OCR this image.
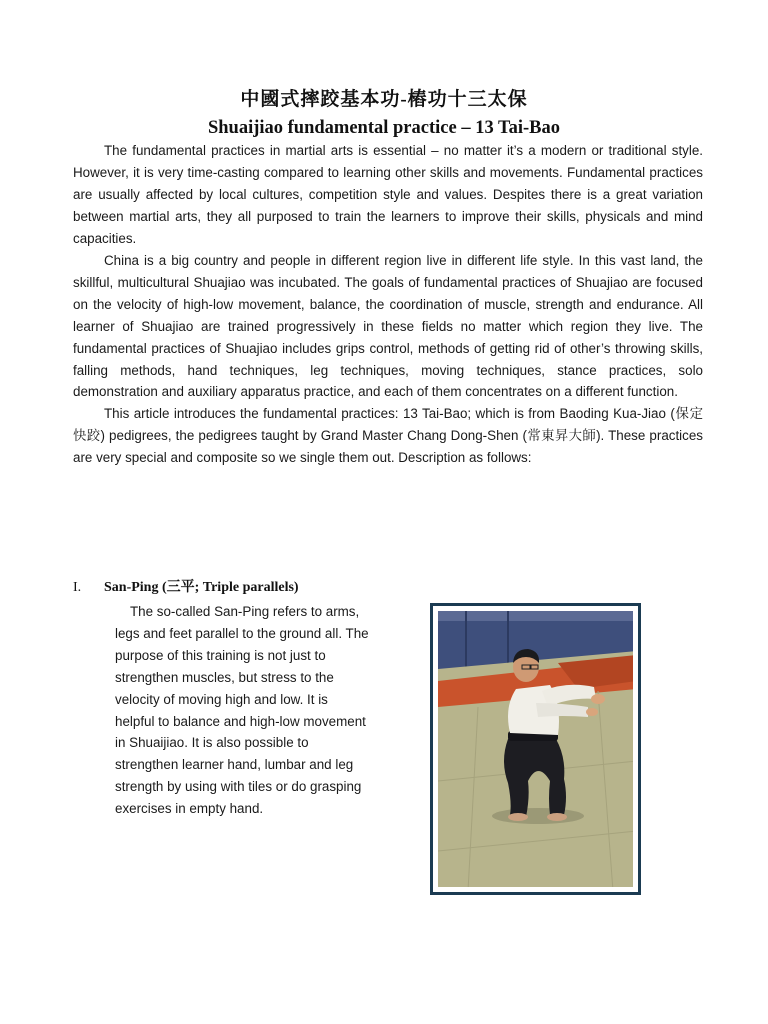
中國式摔跤基本功-樁功十三太保
Shuaijiao fundamental practice – 13 Tai-Bao

The fundamental practices in martial arts is essential – no matter it’s a modern or traditional style. However, it is very time-casting compared to learning other skills and movements. Fundamental practices are usually affected by local cultures, competition style and values. Despites there is a great variation between martial arts, they all purposed to train the learners to improve their skills, physicals and mind capacities.

China is a big country and people in different region live in different life style. In this vast land, the skillful, multicultural Shuajiao was incubated. The goals of fundamental practices of Shuajiao are focused on the velocity of high-low movement, balance, the coordination of muscle, strength and endurance. All learner of Shuajiao are trained progressively in these fields no matter which region they live. The fundamental practices of Shuajiao includes grips control, methods of getting rid of other’s throwing skills, falling methods, hand techniques, leg techniques, moving techniques, stance practices, solo demonstration and auxiliary apparatus practice, and each of them concentrates on a different function.

This article introduces the fundamental practices: 13 Tai-Bao; which is from Baoding Kua-Jiao (保定快跤) pedigrees, the pedigrees taught by Grand Master Chang Dong-Shen (常東昇大師). These practices are very special and composite so we single them out. Description as follows:

I. San-Ping (三平; Triple parallels)

The so-called San-Ping refers to arms, legs and feet parallel to the ground all. The purpose of this training is not just to strengthen muscles, but stress to the velocity of moving high and low. It is helpful to balance and high-low movement in Shuaijiao. It is also possible to strengthen learner hand, lumbar and leg strength by using with tiles or do grasping exercises in empty hand.
